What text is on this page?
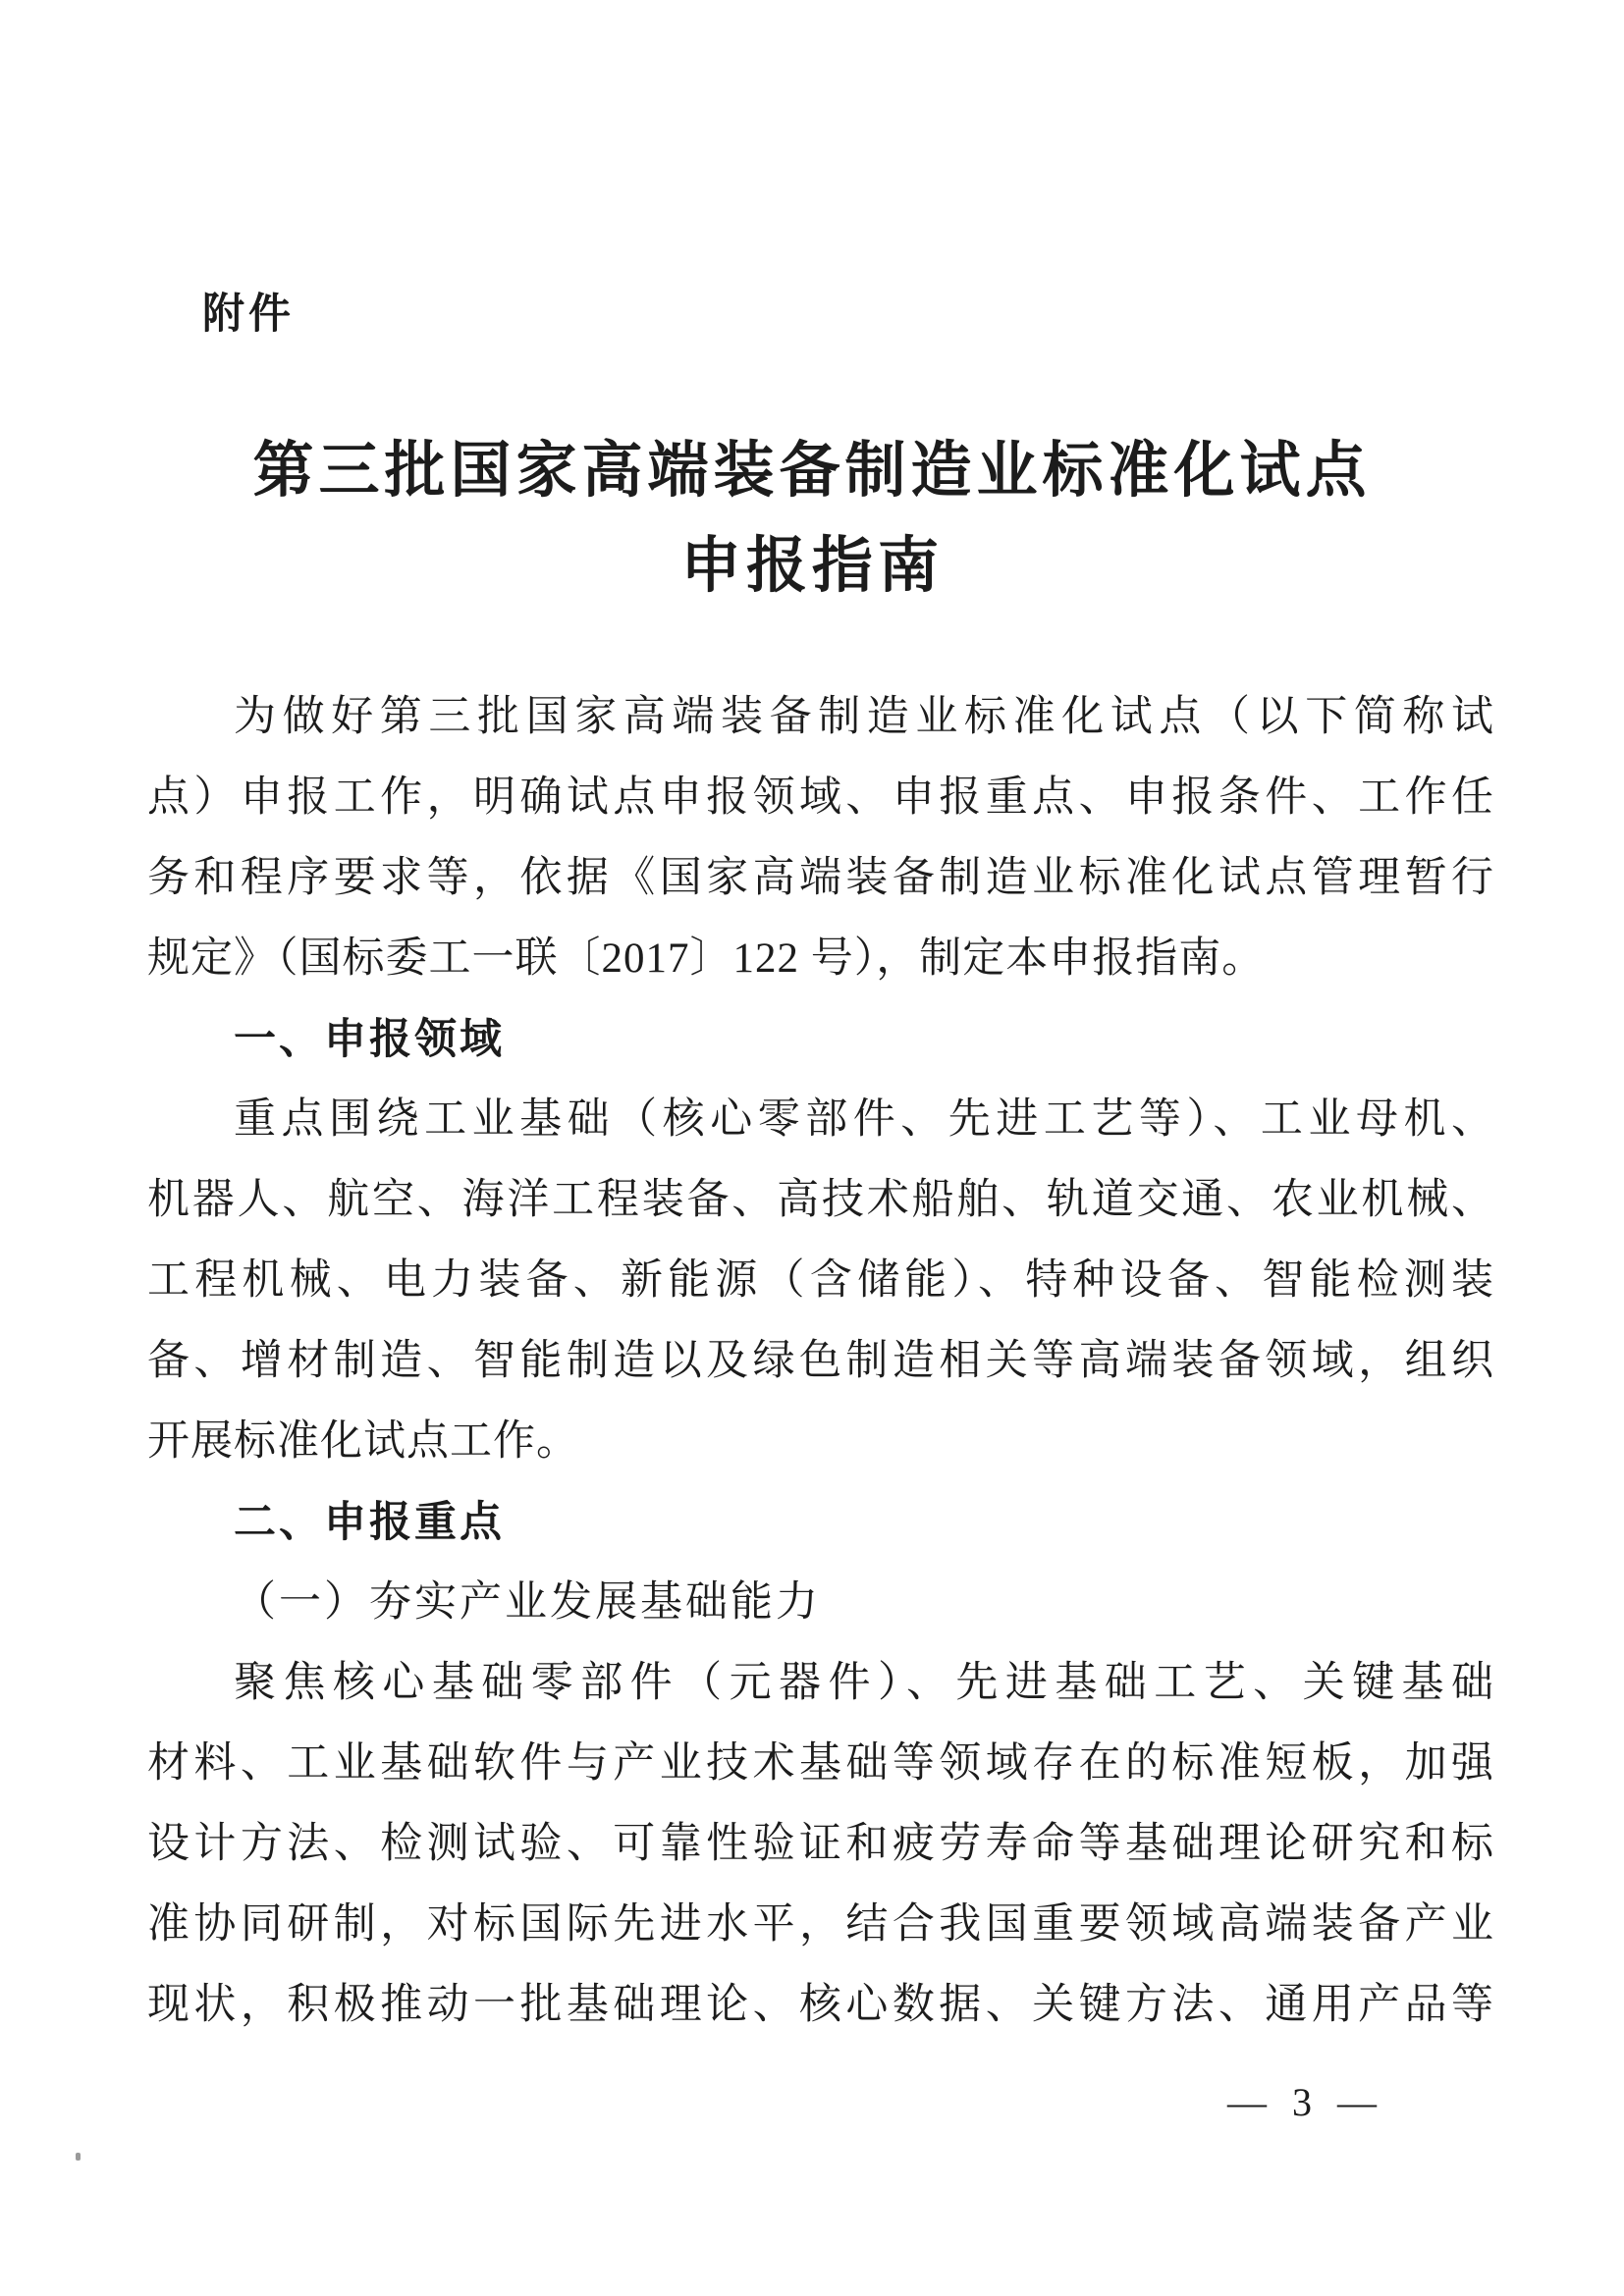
附件
第三批国家高端装备制造业标准化试点
申报指南
为做好第三批国家高端装备制造业标准化试点（以下简称试
点）申报工作，明确试点申报领域、申报重点、申报条件、工作任
务和程序要求等，依据《国家高端装备制造业标准化试点管理暂行
规定》（国标委工一联〔2017〕122 号），制定本申报指南。
一、申报领域
重点围绕工业基础（核心零部件、先进工艺等）、工业母机、
机器人、航空、海洋工程装备、高技术船舶、轨道交通、农业机械、
工程机械、电力装备、新能源（含储能）、特种设备、智能检测装
备、增材制造、智能制造以及绿色制造相关等高端装备领域，组织
开展标准化试点工作。
二、申报重点
（一）夯实产业发展基础能力
聚焦核心基础零部件（元器件）、先进基础工艺、关键基础
材料、工业基础软件与产业技术基础等领域存在的标准短板，加强
设计方法、检测试验、可靠性验证和疲劳寿命等基础理论研究和标
准协同研制，对标国际先进水平，结合我国重要领域高端装备产业
现状，积极推动一批基础理论、核心数据、关键方法、通用产品等
— 3 —
